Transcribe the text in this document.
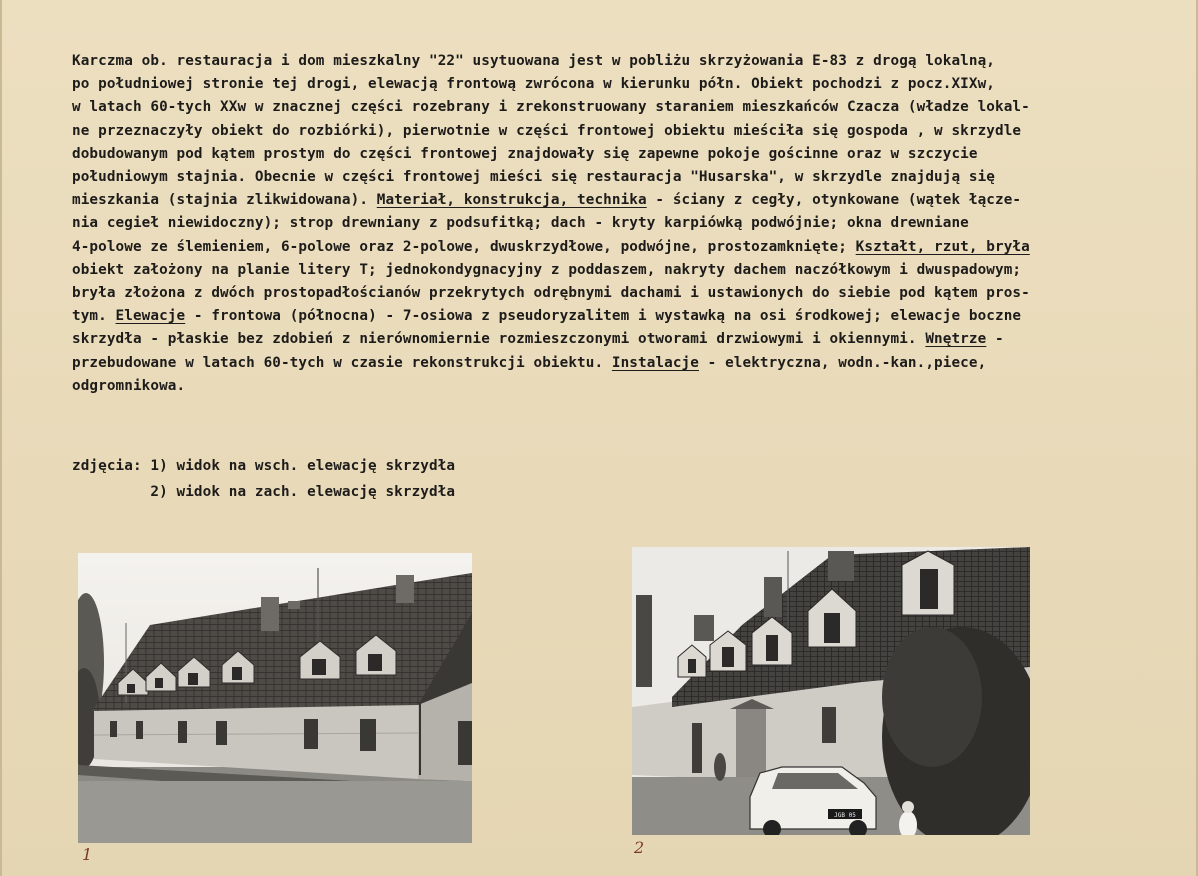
Karczma ob. restauracja i dom mieszkalny "22" usytuowana jest w pobliżu skrzyżowania E-83 z drogą lokalną,
po południowej stronie tej drogi, elewacją frontową zwrócona w kierunku półn. Obiekt pochodzi z pocz.XIXw,
w latach 60-tych XXw w znacznej części rozebrany i zrekonstruowany staraniem mieszkańców Czacza (władze lokal-
ne przeznaczyły obiekt do rozbiórki), pierwotnie w części frontowej obiektu mieściła się gospoda , w skrzydle
dobudowanym pod kątem prostym do części frontowej znajdowały się zapewne pokoje gościnne oraz w szczycie
południowym stajnia. Obecnie w części frontowej mieści się restauracja "Husarska", w skrzydle znajdują się
mieszkania (stajnia zlikwidowana). Materiał, konstrukcja, technika - ściany z cegły, otynkowane (wątek łącze-
nia cegieł niewidoczny); strop drewniany z podsufitką; dach - kryty karpiówką podwójnie; okna drewniane
4-polowe ze ślemieniem, 6-polowe oraz 2-polowe, dwuskrzydłowe, podwójne, prostozamknięte; Kształt, rzut, bryła
obiekt założony na planie litery T; jednokondygnacyjny z poddaszem, nakryty dachem naczółkowym i dwuspadowym;
bryła złożona z dwóch prostopadłościanów przekrytych odrębnymi dachami i ustawionych do siebie pod kątem pros-
tym. Elewacje - frontowa (północna) - 7-osiowa z pseudoryzalitem i wystawką na osi środkowej; elewacje boczne
skrzydła - płaskie bez zdobień z nierównomiernie rozmieszczonymi otworami drzwiowymi i okiennymi. Wnętrze -
przebudowane w latach 60-tych w czasie rekonstrukcji obiektu. Instalacje - elektryczna, wodn.-kan.,piece,
odgromnikowa.
zdjęcia: 1) widok na wsch. elewację skrzydła
2) widok na zach. elewację skrzydła
JGB 05
1	2
